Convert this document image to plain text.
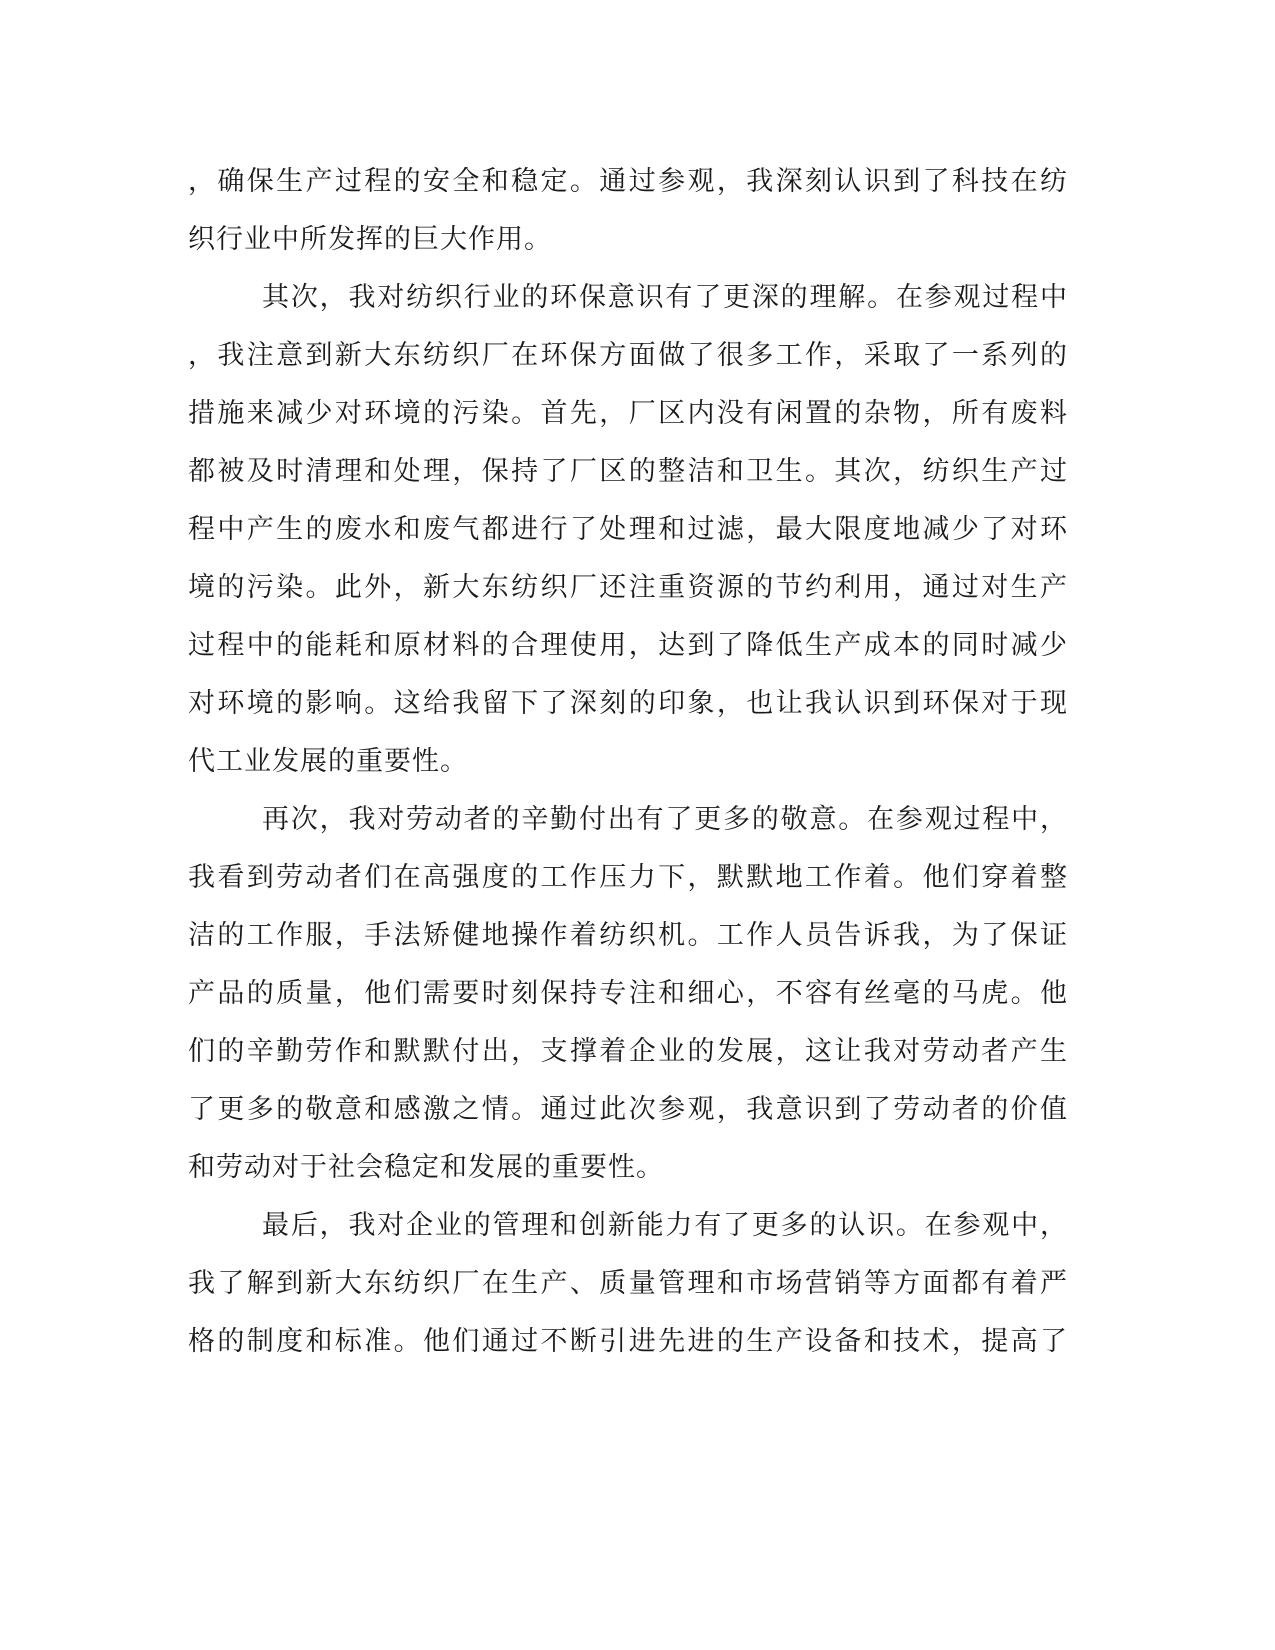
，确保生产过程的安全和稳定。通过参观，我深刻认识到了科技在纺
织行业中所发挥的巨大作用。
其次，我对纺织行业的环保意识有了更深的理解。在参观过程中
，我注意到新大东纺织厂在环保方面做了很多工作，采取了一系列的
措施来减少对环境的污染。首先，厂区内没有闲置的杂物，所有废料
都被及时清理和处理，保持了厂区的整洁和卫生。其次，纺织生产过
程中产生的废水和废气都进行了处理和过滤，最大限度地减少了对环
境的污染。此外，新大东纺织厂还注重资源的节约利用，通过对生产
过程中的能耗和原材料的合理使用，达到了降低生产成本的同时减少
对环境的影响。这给我留下了深刻的印象，也让我认识到环保对于现
代工业发展的重要性。
再次，我对劳动者的辛勤付出有了更多的敬意。在参观过程中，
我看到劳动者们在高强度的工作压力下，默默地工作着。他们穿着整
洁的工作服，手法矫健地操作着纺织机。工作人员告诉我，为了保证
产品的质量，他们需要时刻保持专注和细心，不容有丝毫的马虎。他
们的辛勤劳作和默默付出，支撑着企业的发展，这让我对劳动者产生
了更多的敬意和感激之情。通过此次参观，我意识到了劳动者的价值
和劳动对于社会稳定和发展的重要性。
最后，我对企业的管理和创新能力有了更多的认识。在参观中，
我了解到新大东纺织厂在生产、质量管理和市场营销等方面都有着严
格的制度和标准。他们通过不断引进先进的生产设备和技术，提高了
